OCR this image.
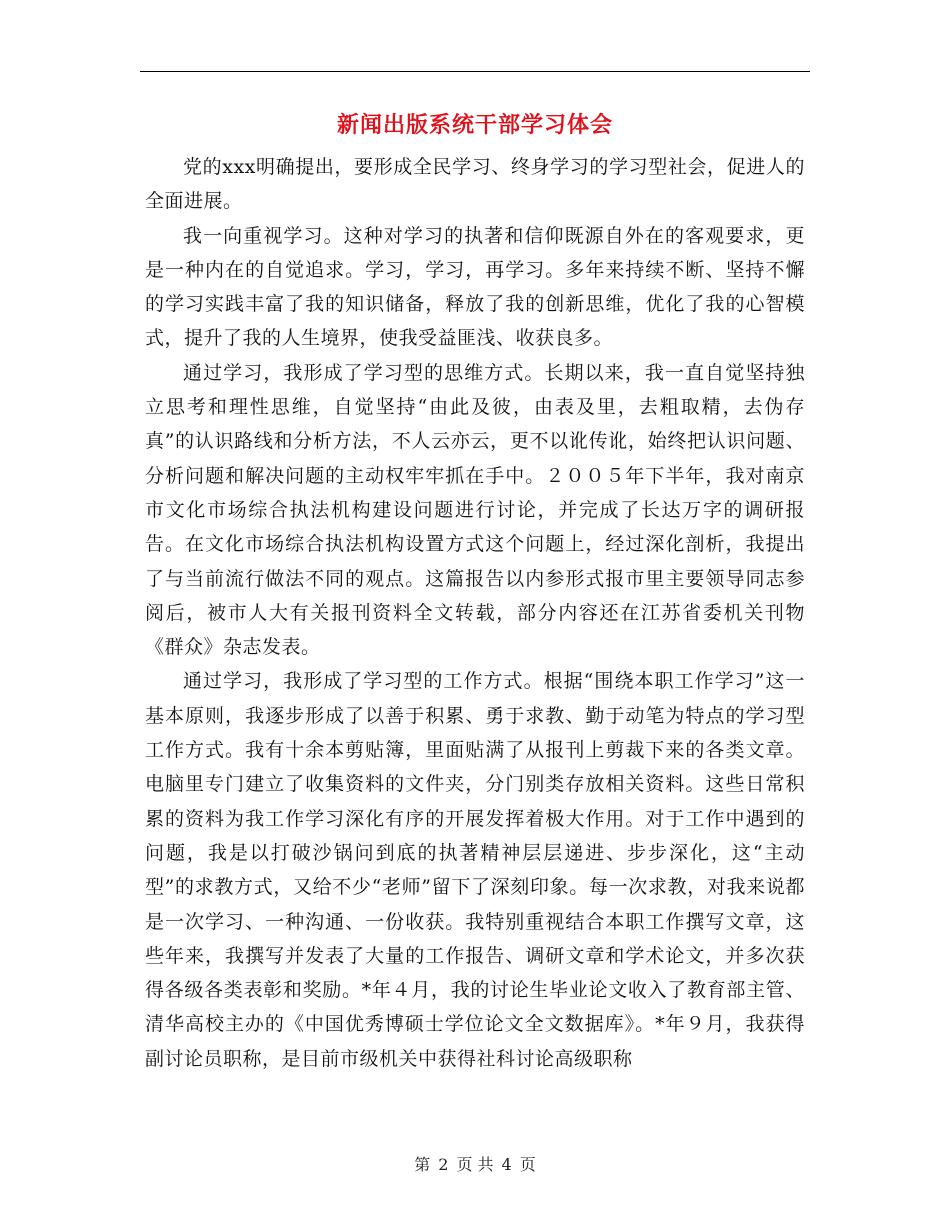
新闻出版系统干部学习体会

党的xxx明确提出，要形成全民学习、终身学习的学习型社会，促进人的全面进展。

我一向重视学习。这种对学习的执著和信仰既源自外在的客观要求，更是一种内在的自觉追求。学习，学习，再学习。多年来持续不断、坚持不懈的学习实践丰富了我的知识储备，释放了我的创新思维，优化了我的心智模式，提升了我的人生境界，使我受益匪浅、收获良多。

通过学习，我形成了学习型的思维方式。长期以来，我一直自觉坚持独立思考和理性思维，自觉坚持“由此及彼，由表及里，去粗取精，去伪存真”的认识路线和分析方法，不人云亦云，更不以讹传讹，始终把认识问题、分析问题和解决问题的主动权牢牢抓在手中。２００５年下半年，我对南京市文化市场综合执法机构建设问题进行讨论，并完成了长达万字的调研报告。在文化市场综合执法机构设置方式这个问题上，经过深化剖析，我提出了与当前流行做法不同的观点。这篇报告以内参形式报市里主要领导同志参阅后，被市人大有关报刊资料全文转载，部分内容还在江苏省委机关刊物《群众》杂志发表。

通过学习，我形成了学习型的工作方式。根据“围绕本职工作学习”这一基本原则，我逐步形成了以善于积累、勇于求教、勤于动笔为特点的学习型工作方式。我有十余本剪贴簿，里面贴满了从报刊上剪裁下来的各类文章。电脑里专门建立了收集资料的文件夹，分门别类存放相关资料。这些日常积累的资料为我工作学习深化有序的开展发挥着极大作用。对于工作中遇到的问题，我是以打破沙锅问到底的执著精神层层递进、步步深化，这“主动型”的求教方式，又给不少“老师”留下了深刻印象。每一次求教，对我来说都是一次学习、一种沟通、一份收获。我特别重视结合本职工作撰写文章，这些年来，我撰写并发表了大量的工作报告、调研文章和学术论文，并多次获得各级各类表彰和奖励。*年４月，我的讨论生毕业论文收入了教育部主管、清华高校主办的《中国优秀博硕士学位论文全文数据库》。*年９月，我获得副讨论员职称，是目前市级机关中获得社科讨论高级职称

第 2 页 共 4 页
